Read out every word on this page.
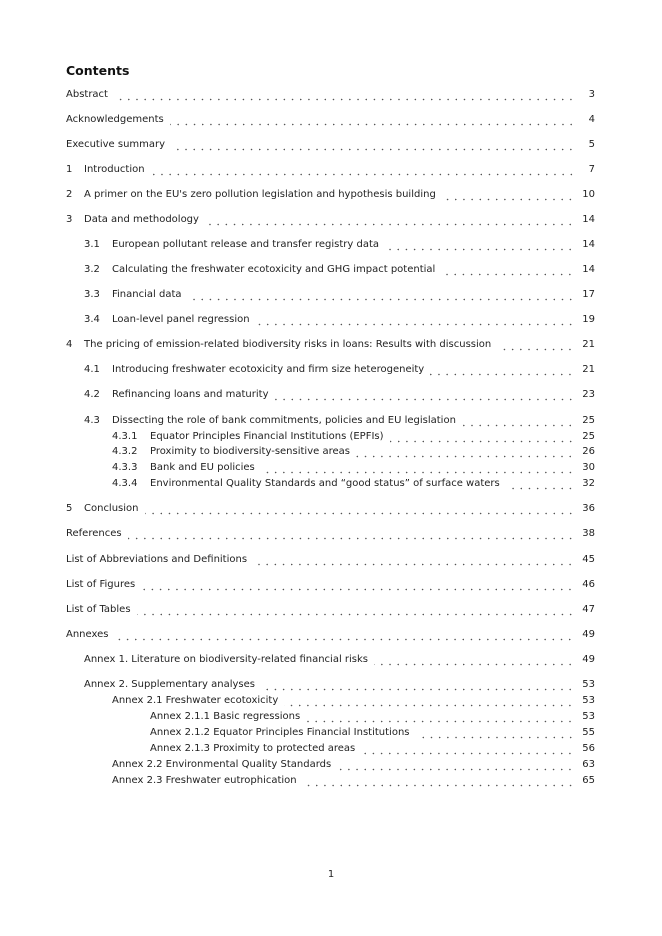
Contents
Abstract	3
Acknowledgements	4
Executive summary	5
1	Introduction	7
2	A primer on the EU's zero pollution legislation and hypothesis building	10
3	Data and methodology	14
3.1	European pollutant release and transfer registry data	14
3.2	Calculating the freshwater ecotoxicity and GHG impact potential	14
3.3	Financial data	17
3.4	Loan-level panel regression	19
4	The pricing of emission-related biodiversity risks in loans: Results with discussion	21
4.1	Introducing freshwater ecotoxicity and firm size heterogeneity	21
4.2	Refinancing loans and maturity	23
4.3	Dissecting the role of bank commitments, policies and EU legislation	25
4.3.1	Equator Principles Financial Institutions (EPFIs)	25
4.3.2	Proximity to biodiversity-sensitive areas	26
4.3.3	Bank and EU policies	30
4.3.4	Environmental Quality Standards and “good status” of surface waters	32
5	Conclusion	36
References	38
List of Abbreviations and Definitions	45
List of Figures	46
List of Tables	47
Annexes	49
Annex 1. Literature on biodiversity-related financial risks	49
Annex 2. Supplementary analyses	53
Annex 2.1 Freshwater ecotoxicity	53
Annex 2.1.1 Basic regressions	53
Annex 2.1.2 Equator Principles Financial Institutions	55
Annex 2.1.3 Proximity to protected areas	56
Annex 2.2 Environmental Quality Standards	63
Annex 2.3 Freshwater eutrophication	65
1
